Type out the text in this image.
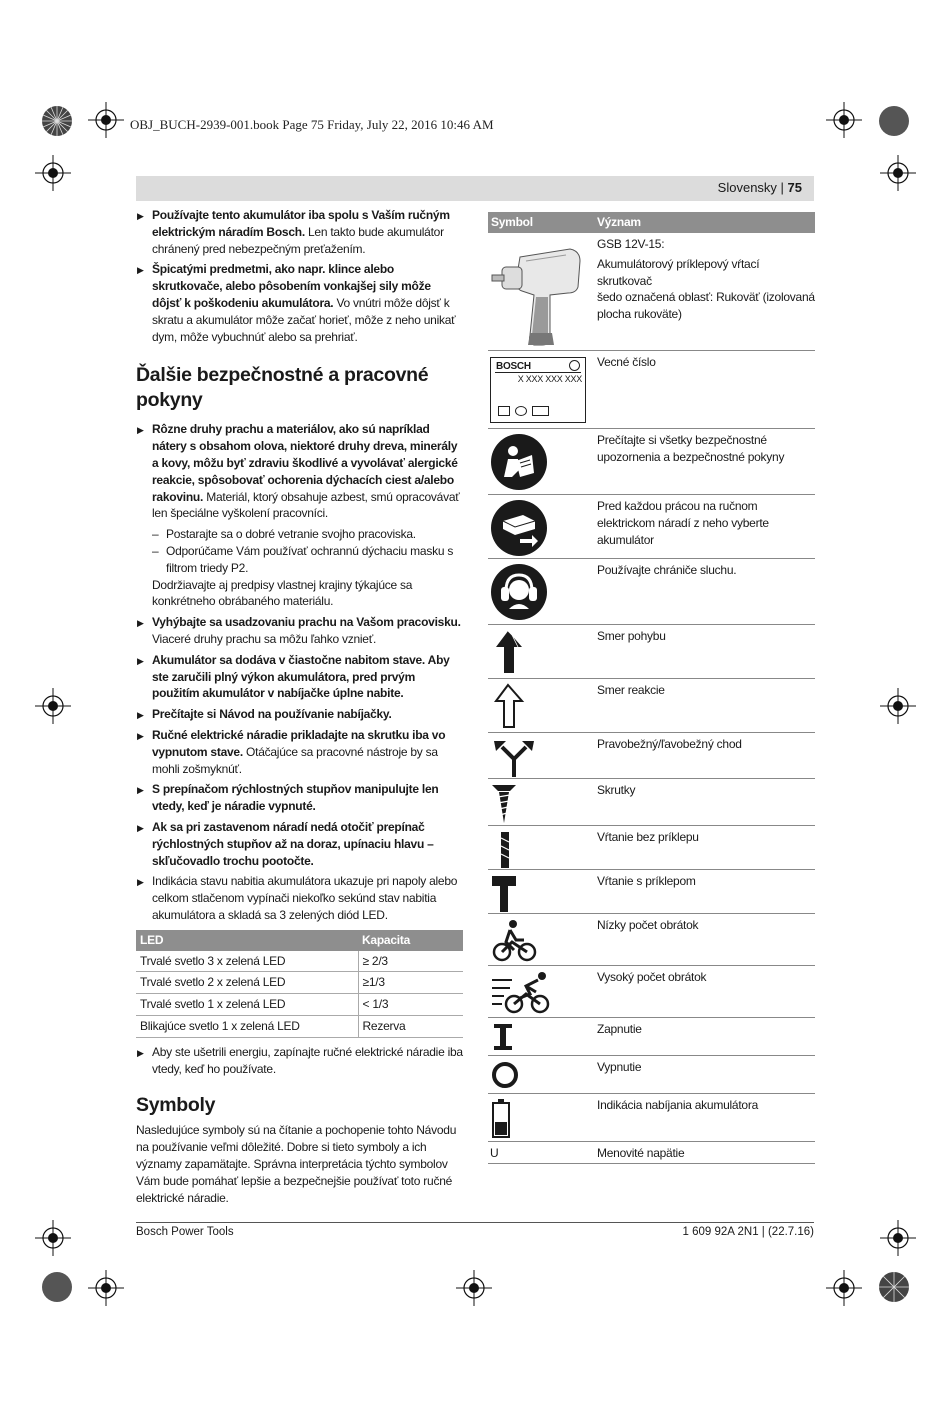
OBJ_BUCH-2939-001.book Page 75 Friday, July 22, 2016 10:46 AM
Slovensky | 75
▶ Používajte tento akumulátor iba spolu s Vaším ručným elektrickým náradím Bosch. Len takto bude akumulátor chránený pred nebezpečným preťažením.
▶ Špicatými predmetmi, ako napr. klince alebo skrutkovače, alebo pôsobením vonkajšej sily môže dôjsť k poškodeniu akumulátora. Vo vnútri môže dôjsť k skratu a akumulátor môže začať horieť, môže z neho unikať dym, môže vybuchnúť alebo sa prehriať.
Ďalšie bezpečnostné a pracovné pokyny
▶ Rôzne druhy prachu a materiálov, ako sú napríklad nátery s obsahom olova, niektoré druhy dreva, minerály a kovy, môžu byť zdraviu škodlivé a vyvolávať alergické reakcie, spôsobovať ochorenia dýchacích ciest a/alebo rakovinu. Materiál, ktorý obsahuje azbest, smú opracovávať len špeciálne vyškolení pracovníci.
– Postarajte sa o dobré vetranie svojho pracoviska.
– Odporúčame Vám používať ochrannú dýchaciu masku s filtrom triedy P2.
Dodržiavajte aj predpisy vlastnej krajiny týkajúce sa konkrétneho obrábaného materiálu.
▶ Vyhýbajte sa usadzovaniu prachu na Vašom pracovisku. Viaceré druhy prachu sa môžu ľahko vznieť.
▶ Akumulátor sa dodáva v čiastočne nabitom stave. Aby ste zaručili plný výkon akumulátora, pred prvým použitím akumulátor v nabíjačke úplne nabite.
▶ Prečítajte si Návod na používanie nabíjačky.
▶ Ručné elektrické náradie prikladajte na skrutku iba vo vypnutom stave. Otáčajúce sa pracovné nástroje by sa mohli zošmyknúť.
▶ S prepínačom rýchlostných stupňov manipulujte len vtedy, keď je náradie vypnuté.
▶ Ak sa pri zastavenom náradí nedá otočiť prepínač rýchlostných stupňov až na doraz, upínaciu hlavu – skľučovadlo trochu pootočte.
▶ Indikácia stavu nabitia akumulátora ukazuje pri napoly alebo celkom stlačenom vypínači niekoľko sekúnd stav nabitia akumulátora a skladá sa 3 zelených diód LED.
LED	Kapacita
Trvalé svetlo 3 x zelená LED	≥ 2/3
Trvalé svetlo 2 x zelená LED	≥1/3
Trvalé svetlo 1 x zelená LED	< 1/3
Blikajúce svetlo 1 x zelená LED	Rezerva
▶ Aby ste ušetrili energiu, zapínajte ručné elektrické náradie iba vtedy, keď ho používate.
Symboly
Nasledujúce symboly sú na čítanie a pochopenie tohto Návodu na používanie veľmi dôležité. Dobre si tieto symboly a ich významy zapamätajte. Správna interpretácia týchto symbolov Vám bude pomáhať lepšie a bezpečnejšie používať toto ručné elektrické náradie.
Symbol	Význam
GSB 12V-15:
Akumulátorový príklepový vŕtací skrutkovač
šedo označená oblasť: Rukoväť (izolovaná plocha rukoväte)
BOSCH
X XXX XXX XXX
Vecné číslo
Prečítajte si všetky bezpečnostné upozornenia a bezpečnostné pokyny
Pred každou prácou na ručnom elektrickom náradí z neho vyberte akumulátor
Používajte chrániče sluchu.
Smer pohybu
Smer reakcie
Pravobežný/ľavobežný chod
Skrutky
Vŕtanie bez príklepu
Vŕtanie s príklepom
Nízky počet obrátok
Vysoký počet obrátok
Zapnutie
Vypnutie
Indikácia nabíjania akumulátora
U	Menovité napätie
Bosch Power Tools	1 609 92A 2N1 | (22.7.16)
